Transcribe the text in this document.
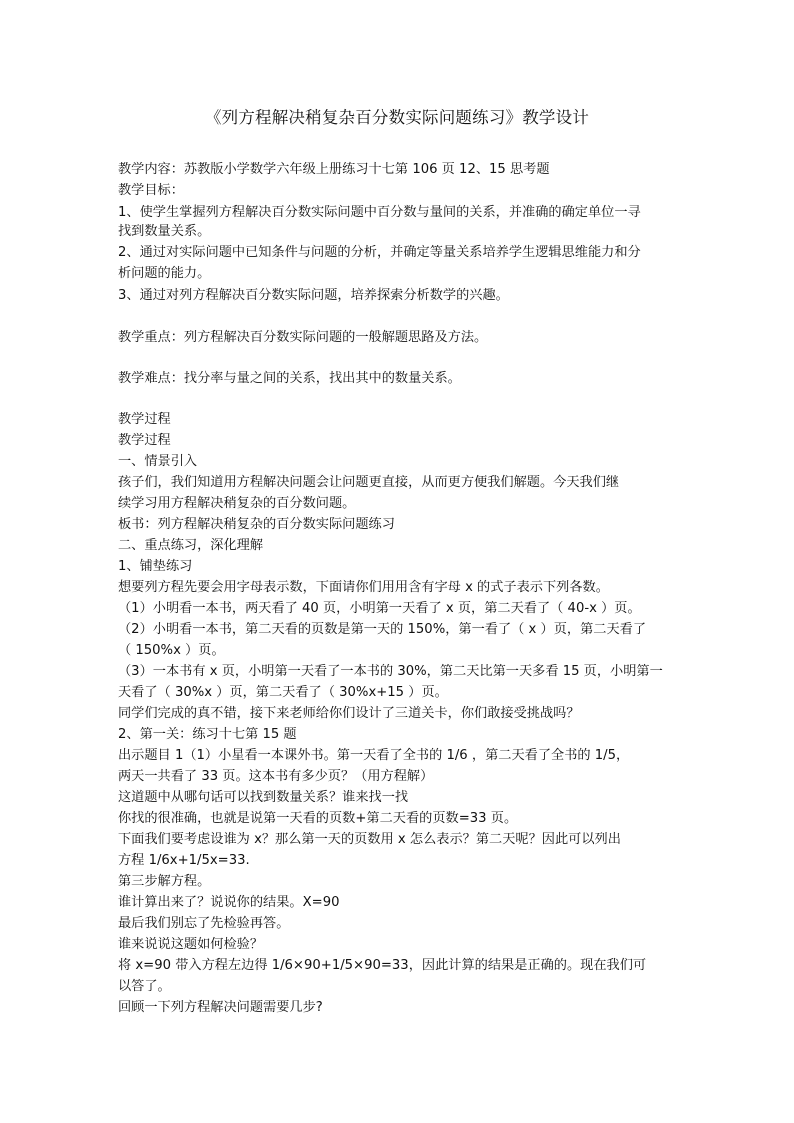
《列方程解决稍复杂百分数实际问题练习》教学设计
教学内容：苏教版小学数学六年级上册练习十七第 106 页 12、15 思考题
教学目标：
1、使学生掌握列方程解决百分数实际问题中百分数与量间的关系，并准确的确定单位一寻
找到数量关系。
2、通过对实际问题中已知条件与问题的分析，并确定等量关系培养学生逻辑思维能力和分
析问题的能力。
3、通过对列方程解决百分数实际问题，培养探索分析数学的兴趣。
教学重点：列方程解决百分数实际问题的一般解题思路及方法。
教学难点：找分率与量之间的关系，找出其中的数量关系。
教学过程
教学过程
一、情景引入
孩子们，我们知道用方程解决问题会让问题更直接，从而更方便我们解题。今天我们继
续学习用方程解决稍复杂的百分数问题。
板书：列方程解决稍复杂的百分数实际问题练习
二、重点练习，深化理解
1、铺垫练习
想要列方程先要会用字母表示数，下面请你们用用含有字母 x 的式子表示下列各数。
（1）小明看一本书，两天看了 40 页，小明第一天看了 x 页，第二天看了（ 40-x ）页。
（2）小明看一本书，第二天看的页数是第一天的 150%，第一看了（ x ）页，第二天看了
（ 150%x ）页。
（3）一本书有 x 页，小明第一天看了一本书的 30%，第二天比第一天多看 15 页，小明第一
天看了（ 30%x ）页，第二天看了（ 30%x+15 ）页。
同学们完成的真不错，接下来老师给你们设计了三道关卡，你们敢接受挑战吗？
2、第一关：练习十七第 15 题
出示题目 1（1）小星看一本课外书。第一天看了全书的 1/6 ，第二天看了全书的 1/5，
两天一共看了 33 页。这本书有多少页？（用方程解）
这道题中从哪句话可以找到数量关系？谁来找一找
你找的很准确，也就是说第一天看的页数+第二天看的页数=33 页。
下面我们要考虑设谁为 x？那么第一天的页数用 x 怎么表示？第二天呢？因此可以列出
方程 1/6x+1/5x=33.
第三步解方程。
谁计算出来了？说说你的结果。X=90
最后我们别忘了先检验再答。
谁来说说这题如何检验？
将 x=90 带入方程左边得 1/6×90+1/5×90=33，因此计算的结果是正确的。现在我们可
以答了。
回顾一下列方程解决问题需要几步?
